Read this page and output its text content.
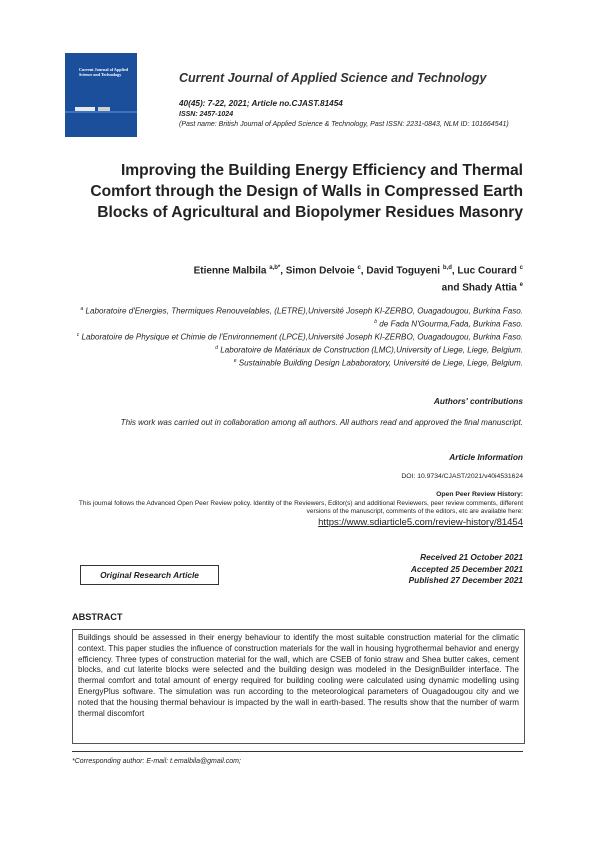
Current Journal of Applied Science and Technology	Current Journal of Applied Science and Technology
40(45): 7-22, 2021; Article no.CJAST.81454
ISSN: 2457-1024
(Past name: British Journal of Applied Science & Technology, Past ISSN: 2231-0843, NLM ID: 101664541)
Improving the Building Energy Efficiency and Thermal Comfort through the Design of Walls in Compressed Earth Blocks of Agricultural and Biopolymer Residues Masonry
Etienne Malbila $^{a,b*}$, Simon Delvoie $^c$, David Toguyeni $^{b,d}$, Luc Courard $^c$
and Shady Attia $^e$
$^a$ Laboratoire d'Energies, Thermiques Renouvelables, (LETRE),Université Joseph KI-ZERBO, Ouagadougou, Burkina Faso.
$^b$ de Fada N'Gourma,Fada, Burkina Faso.
$^c$ Laboratoire de Physique et Chimie de l'Environnement (LPCE),Université Joseph KI-ZERBO, Ouagadougou, Burkina Faso.
$^d$ Laboratoire de Matériaux de Construction (LMC),University of Liege, Liege, Belgium.
$^e$ Sustainable Building Design Lababoratory, Université de Liege, Liege, Belgium.
Authors' contributions
This work was carried out in collaboration among all authors. All authors read and approved the final manuscript.
Article Information
DOI: 10.9734/CJAST/2021/v40i4531624
Open Peer Review History:
This journal follows the Advanced Open Peer Review policy. Identity of the Reviewers, Editor(s) and additional Reviewers, peer review comments, different versions of the manuscript, comments of the editors, etc are available here:
https://www.sdiarticle5.com/review-history/81454
Received 21 October 2021
Accepted 25 December 2021
Published 27 December 2021
Original Research Article
ABSTRACT

Buildings should be assessed in their energy behaviour to identify the most suitable construction material for the climatic context. This paper studies the influence of construction materials for the wall in housing hygrothermal behavior and energy efficiency. Three types of construction material for the wall, which are CSEB of fonio straw and Shea butter cakes, cement blocks, and cut laterite blocks were selected and the building design was modeled in the DesignBuilder interface. The thermal comfort and total amount of energy required for building cooling were calculated using dynamic modelling using EnergyPlus software. The simulation was run according to the meteorological parameters of Ouagadougou city and we noted that the housing thermal behaviour is impacted by the wall in earth-based. The results show that the number of warm thermal discomfort

*Corresponding author: E-mail: t.emalbila@gmail.com;
